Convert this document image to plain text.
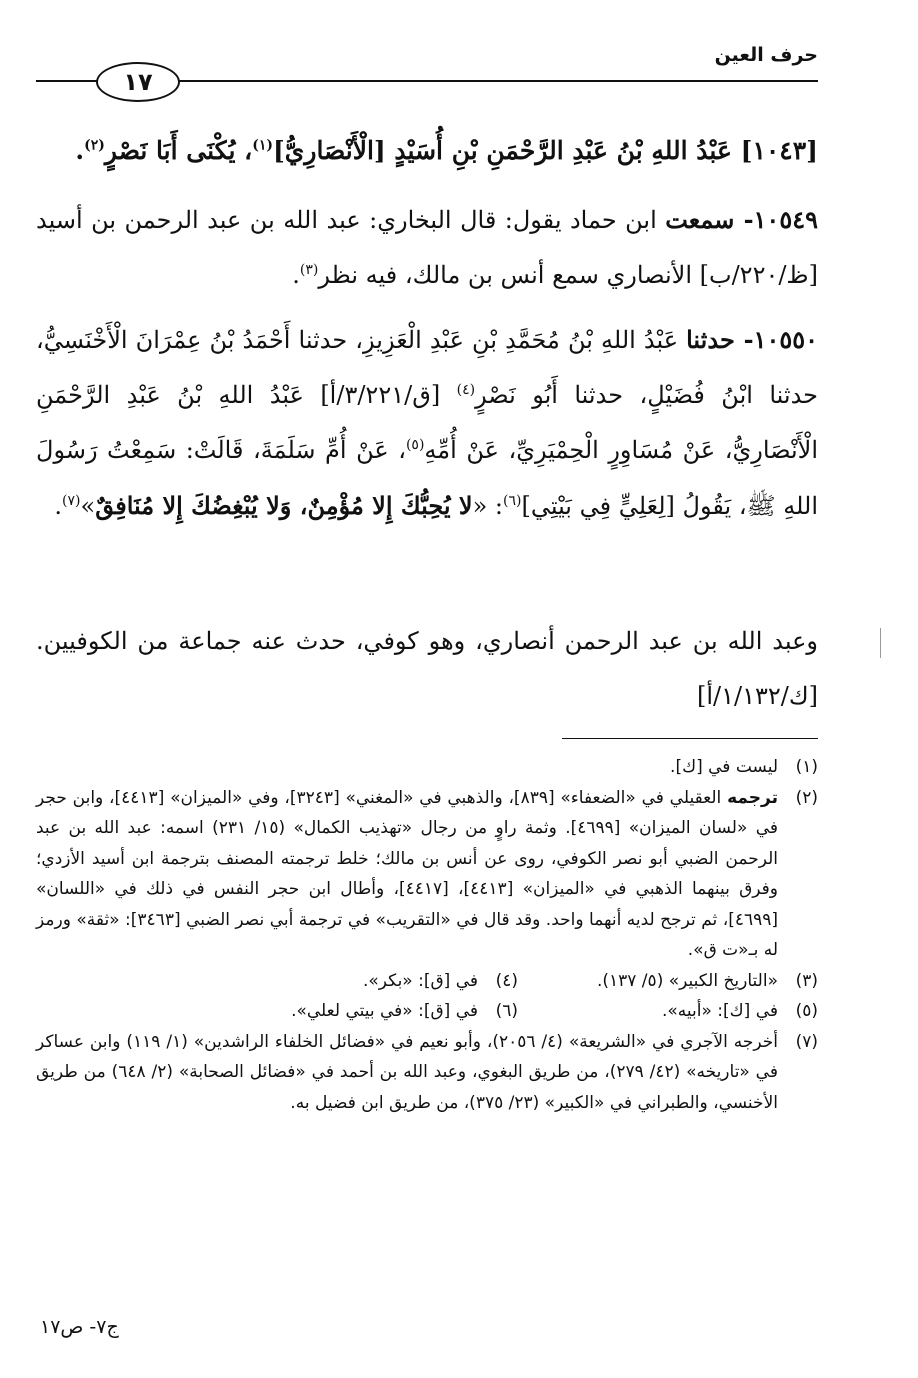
حرف العين
١٧
[١٠٤٣] عَبْدُ اللهِ بْنُ عَبْدِ الرَّحْمَنِ بْنِ أُسَيْدٍ [الْأَنْصَارِيُّ]$^{(١)}$، يُكْنَى أَبَا نَصْرٍ$^{(٢)}$.
١٠٥٤٩- سمعت ابن حماد يقول: قال البخاري: عبد الله بن عبد الرحمن بن أسيد [ظ/٢٢٠/ب] الأنصاري سمع أنس بن مالك، فيه نظر$^{(٣)}$.
١٠٥٥٠- حدثنا عَبْدُ اللهِ بْنُ مُحَمَّدِ بْنِ عَبْدِ الْعَزِيزِ، حدثنا أَحْمَدُ بْنُ عِمْرَانَ الْأَخْنَسِيُّ، حدثنا ابْنُ فُضَيْلٍ، حدثنا أَبُو نَصْرٍ$^{(٤)}$ [ق/٣/٢٢١/أ] عَبْدُ اللهِ بْنُ عَبْدِ الرَّحْمَنِ الْأَنْصَارِيُّ، عَنْ مُسَاوِرٍ الْحِمْيَرِيِّ، عَنْ أُمِّهِ$^{(٥)}$، عَنْ أُمِّ سَلَمَةَ، قَالَتْ: سَمِعْتُ رَسُولَ اللهِ ﷺ، يَقُولُ [لِعَلِيٍّ فِي بَيْتِي]$^{(٦)}$: «لا يُحِبُّكَ إِلا مُؤْمِنٌ، وَلا يُبْغِضُكَ إِلا مُنَافِقٌ»$^{(٧)}$.
وعبد الله بن عبد الرحمن أنصاري، وهو كوفي، حدث عنه جماعة من الكوفيين. [ك/١/١٣٢/أ]
(١)
ليست في [ك].
(٢)
ترجمه العقيلي في «الضعفاء» [٨٣٩]، والذهبي في «المغني» [٣٢٤٣]، وفي «الميزان» [٤٤١٣]، وابن حجر في «لسان الميزان» [٤٦٩٩]. وثمة راوٍ من رجال «تهذيب الكمال» (١٥/ ٢٣١) اسمه: عبد الله بن عبد الرحمن الضبي أبو نصر الكوفي، روى عن أنس بن مالك؛ خلط ترجمته المصنف بترجمة ابن أسيد الأزدي؛ وفرق بينهما الذهبي في «الميزان» [٤٤١٣]، [٤٤١٧]، وأطال ابن حجر النفس في ذلك في «اللسان» [٤٦٩٩]، ثم ترجح لديه أنهما واحد. وقد قال في «التقريب» في ترجمة أبي نصر الضبي [٣٤٦٣]: «ثقة» ورمز له بـ«ت ق».
(٣)
«التاريخ الكبير» (٥/ ١٣٧).
(٤)
في [ق]: «بكر».
(٥)
في [ك]: «أبيه».
(٦)
في [ق]: «في بيتي لعلي».
(٧)
أخرجه الآجري في «الشريعة» (٤/ ٢٠٥٦)، وأبو نعيم في «فضائل الخلفاء الراشدين» (١/ ١١٩) وابن عساكر في «تاريخه» (٤٢/ ٢٧٩)، من طريق البغوي، وعبد الله بن أحمد في «فضائل الصحابة» (٢/ ٦٤٨) من طريق الأخنسي، والطبراني في «الكبير» (٢٣/ ٣٧٥)، من طريق ابن فضيل به.
ج٧- ص١٧
